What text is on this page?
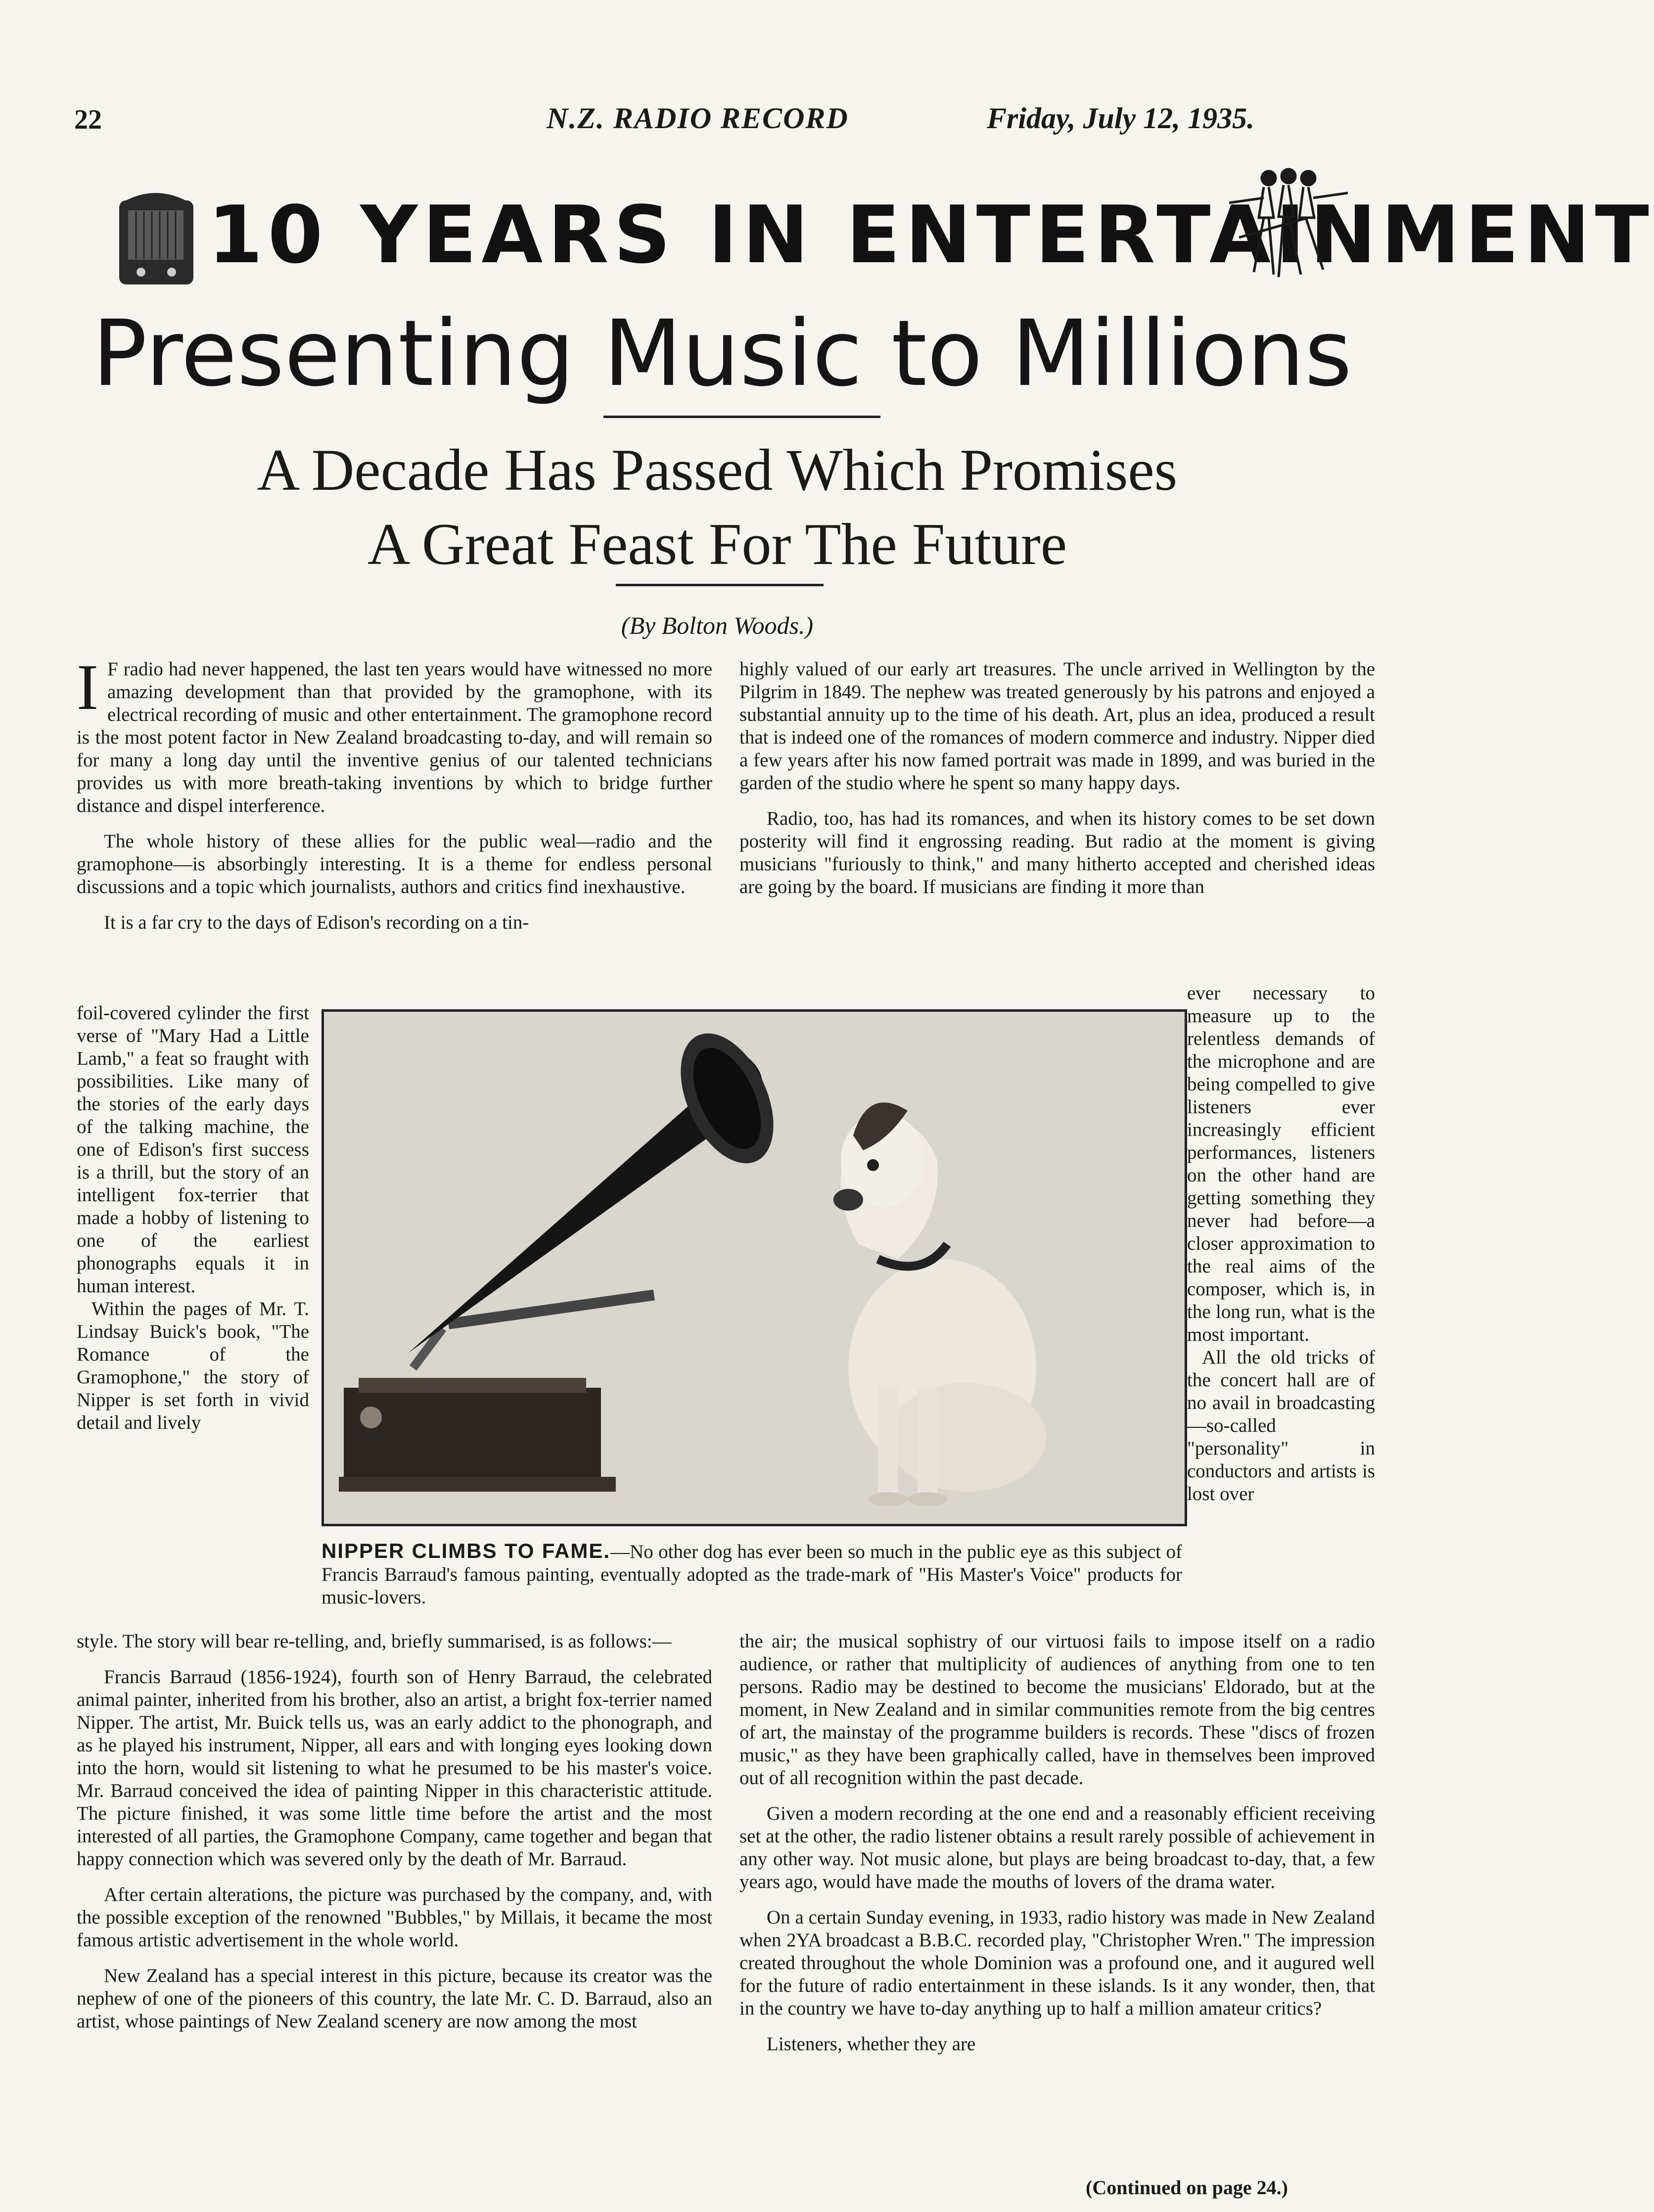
22	N.Z. RADIO RECORD	Friday, July 12, 1935.
10 YEARS IN ENTERTAINMENT
Presenting Music to Millions
A Decade Has Passed Which Promises
A Great Feast For The Future
(By Bolton Woods.)

I F radio had never happened, the last ten years would have witnessed no more amazing development than that provided by the gramophone, with its electrical recording of music and other entertainment. The gramophone record is the most potent factor in New Zealand broadcasting to-day, and will remain so for many a long day until the inventive genius of our talented technicians provides us with more breath-taking inventions by which to bridge further distance and dispel interference.

The whole history of these allies for the public weal—radio and the gramophone—is absorbingly interesting. It is a theme for endless personal discussions and a topic which journalists, authors and critics find inexhaustive.

It is a far cry to the days of Edison's recording on a tin-

foil-covered cylinder the first verse of "Mary Had a Little Lamb," a feat so fraught with possibilities. Like many of the stories of the early days of the talking machine, the one of Edison's first success is a thrill, but the story of an intelligent fox-terrier that made a hobby of listening to one of the earliest phonographs equals it in human interest.

Within the pages of Mr. T. Lindsay Buick's book, "The Romance of the Gramophone," the story of Nipper is set forth in vivid detail and lively

NIPPER CLIMBS TO FAME.—No other dog has ever been so much in the public eye as this subject of Francis Barraud's famous painting, eventually adopted as the trade-mark of "His Master's Voice" products for music-lovers.

highly valued of our early art treasures. The uncle arrived in Wellington by the Pilgrim in 1849. The nephew was treated generously by his patrons and enjoyed a substantial annuity up to the time of his death. Art, plus an idea, produced a result that is indeed one of the romances of modern commerce and industry. Nipper died a few years after his now famed portrait was made in 1899, and was buried in the garden of the studio where he spent so many happy days.

Radio, too, has had its romances, and when its history comes to be set down posterity will find it engrossing reading. But radio at the moment is giving musicians "furiously to think," and many hitherto accepted and cherished ideas are going by the board. If musicians are finding it more than

ever necessary to measure up to the relentless demands of the microphone and are being compelled to give listeners ever increasingly efficient performances, listeners on the other hand are getting something they never had before—a closer approximation to the real aims of the composer, which is, in the long run, what is the most important.

All the old tricks of the concert hall are of no avail in broadcasting—so-called "personality" in conductors and artists is lost over

style. The story will bear re-telling, and, briefly summarised, is as follows:—

Francis Barraud (1856-1924), fourth son of Henry Barraud, the celebrated animal painter, inherited from his brother, also an artist, a bright fox-terrier named Nipper. The artist, Mr. Buick tells us, was an early addict to the phonograph, and as he played his instrument, Nipper, all ears and with longing eyes looking down into the horn, would sit listening to what he presumed to be his master's voice. Mr. Barraud conceived the idea of painting Nipper in this characteristic attitude. The picture finished, it was some little time before the artist and the most interested of all parties, the Gramophone Company, came together and began that happy connection which was severed only by the death of Mr. Barraud.

After certain alterations, the picture was purchased by the company, and, with the possible exception of the renowned "Bubbles," by Millais, it became the most famous artistic advertisement in the whole world.

New Zealand has a special interest in this picture, because its creator was the nephew of one of the pioneers of this country, the late Mr. C. D. Barraud, also an artist, whose paintings of New Zealand scenery are now among the most

the air; the musical sophistry of our virtuosi fails to impose itself on a radio audience, or rather that multiplicity of audiences of anything from one to ten persons. Radio may be destined to become the musicians' Eldorado, but at the moment, in New Zealand and in similar communities remote from the big centres of art, the mainstay of the programme builders is records. These "discs of frozen music," as they have been graphically called, have in themselves been improved out of all recognition within the past decade.

Given a modern recording at the one end and a reasonably efficient receiving set at the other, the radio listener obtains a result rarely possible of achievement in any other way. Not music alone, but plays are being broadcast to-day, that, a few years ago, would have made the mouths of lovers of the drama water.

On a certain Sunday evening, in 1933, radio history was made in New Zealand when 2YA broadcast a B.B.C. recorded play, "Christopher Wren." The impression created throughout the whole Dominion was a profound one, and it augured well for the future of radio entertainment in these islands. Is it any wonder, then, that in the country we have to-day anything up to half a million amateur critics?

Listeners, whether they are

(Continued on page 24.)
